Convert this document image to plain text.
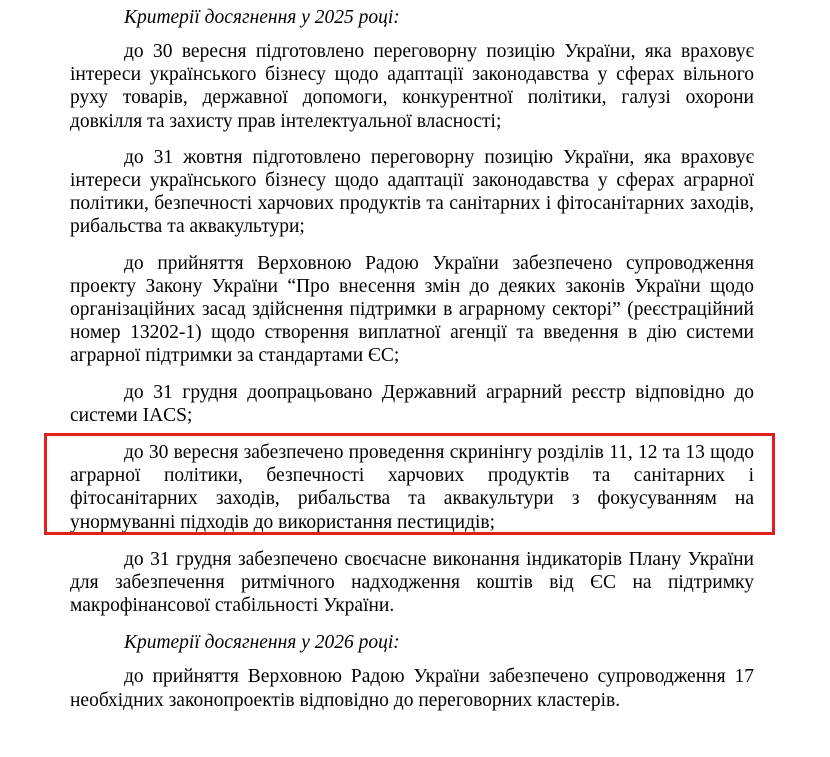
Критерії досягнення у 2025 році:

до 30 вересня підготовлено переговорну позицію України, яка враховує інтереси українського бізнесу щодо адаптації законодавства у сферах вільного руху товарів, державної допомоги, конкурентної політики, галузі охорони довкілля та захисту прав інтелектуальної власності;

до 31 жовтня підготовлено переговорну позицію України, яка враховує інтереси українського бізнесу щодо адаптації законодавства у сферах аграрної політики, безпечності харчових продуктів та санітарних і фітосанітарних заходів, рибальства та аквакультури;

до прийняття Верховною Радою України забезпечено супроводження проекту Закону України “Про внесення змін до деяких законів України щодо організаційних засад здійснення підтримки в аграрному секторі” (реєстраційний номер 13202-1) щодо створення виплатної агенції та введення в дію системи аграрної підтримки за стандартами ЄС;

до 31 грудня доопрацьовано Державний аграрний реєстр відповідно до системи IACS;

до 30 вересня забезпечено проведення скринінгу розділів 11, 12 та 13 щодо аграрної політики, безпечності харчових продуктів та санітарних і фітосанітарних заходів, рибальства та аквакультури з фокусуванням на унормуванні підходів до використання пестицидів;

до 31 грудня забезпечено своєчасне виконання індикаторів Плану України для забезпечення ритмічного надходження коштів від ЄС на підтримку макрофінансової стабільності України.

Критерії досягнення у 2026 році:

до прийняття Верховною Радою України забезпечено супроводження 17 необхідних законопроектів відповідно до переговорних кластерів.
